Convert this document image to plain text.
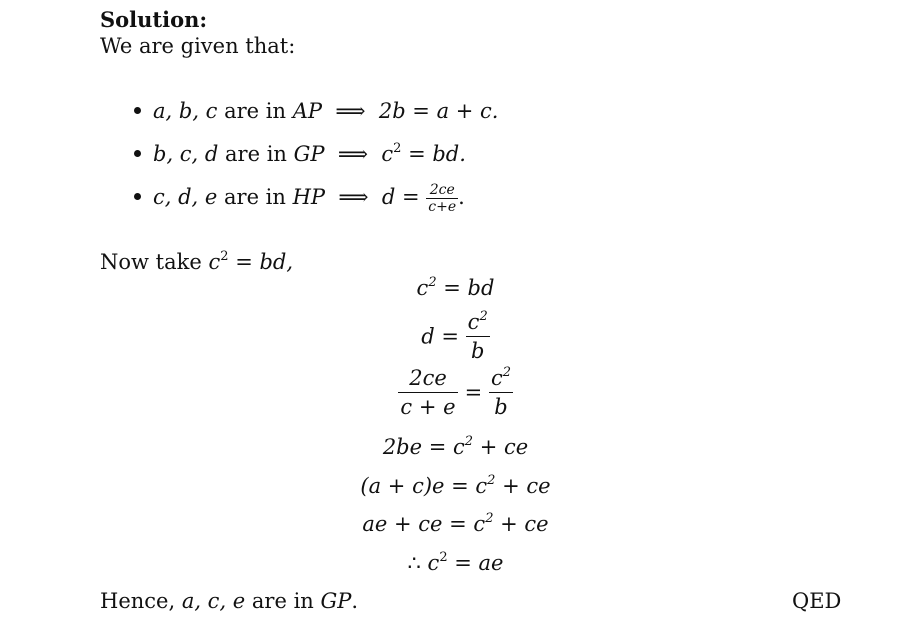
Solution:
We are given that:
a, b, c are in AP ⟹ 2b = a + c.
b, c, d are in GP ⟹ $c^2$ = bd.
c, d, e are in HP ⟹ $d = \frac{2ce}{c+e}$ .
Now take $c^2$ = bd,
$c^2$ = bd
$d = \frac{c^2}{b}$
$\frac{2ce}{c + e} = \frac{c^2}{b}$
$2be = c^2$ + ce
$(a + c)e = c^2$ + ce
ae + ce = $c^2$ + ce
∴ $c^2$ = ae
Hence, a, c, e are in GP.	QED
